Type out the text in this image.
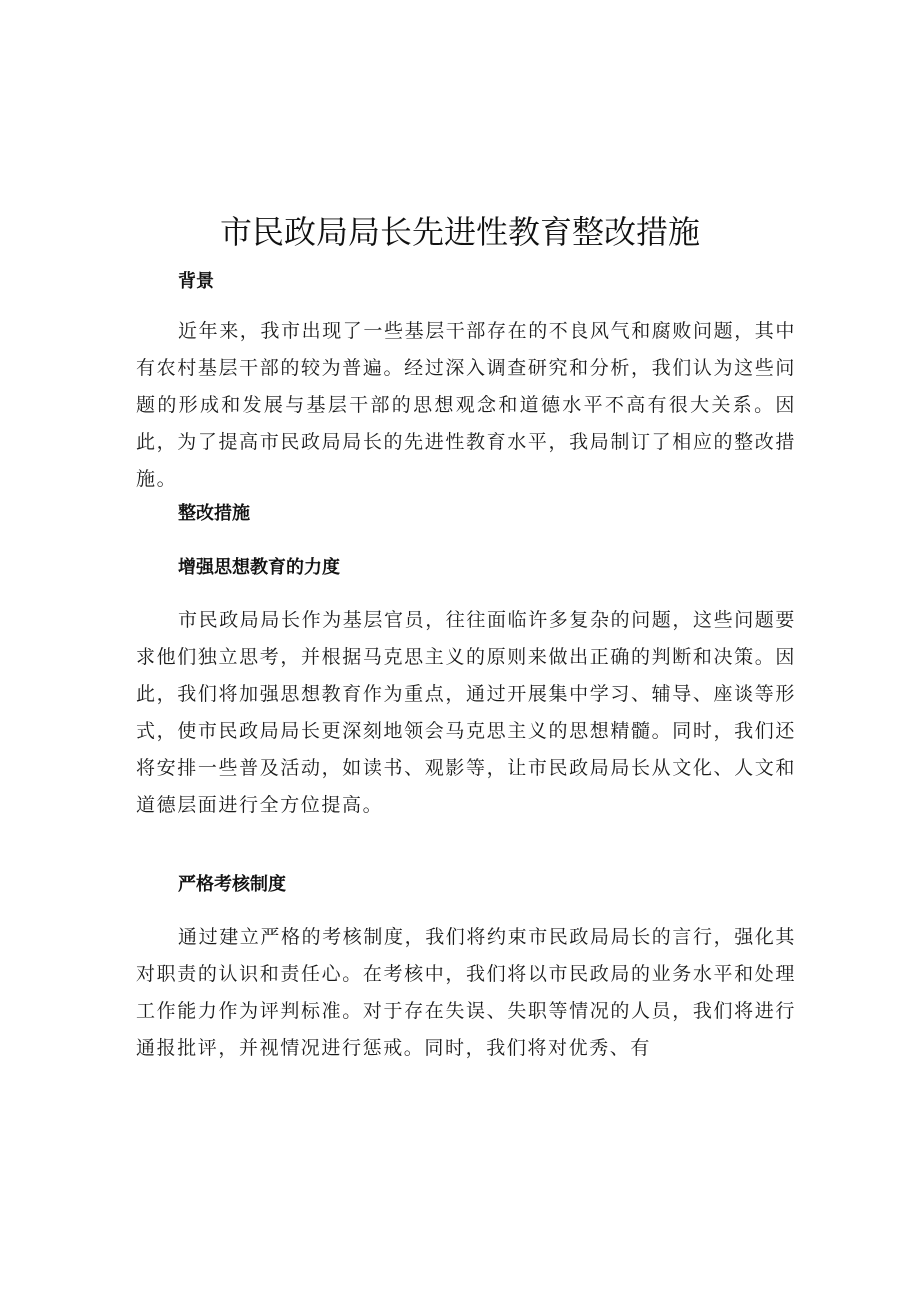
市民政局局长先进性教育整改措施
背景

近年来，我市出现了一些基层干部存在的不良风气和腐败问题，其中有农村基层干部的较为普遍。经过深入调查研究和分析，我们认为这些问题的形成和发展与基层干部的思想观念和道德水平不高有很大关系。因此，为了提高市民政局局长的先进性教育水平，我局制订了相应的整改措施。

整改措施
增强思想教育的力度

市民政局局长作为基层官员，往往面临许多复杂的问题，这些问题要求他们独立思考，并根据马克思主义的原则来做出正确的判断和决策。因此，我们将加强思想教育作为重点，通过开展集中学习、辅导、座谈等形式，使市民政局局长更深刻地领会马克思主义的思想精髓。同时，我们还将安排一些普及活动，如读书、观影等，让市民政局局长从文化、人文和道德层面进行全方位提高。

严格考核制度

通过建立严格的考核制度，我们将约束市民政局局长的言行，强化其对职责的认识和责任心。在考核中，我们将以市民政局的业务水平和处理工作能力作为评判标准。对于存在失误、失职等情况的人员，我们将进行通报批评，并视情况进行惩戒。同时，我们将对优秀、有
